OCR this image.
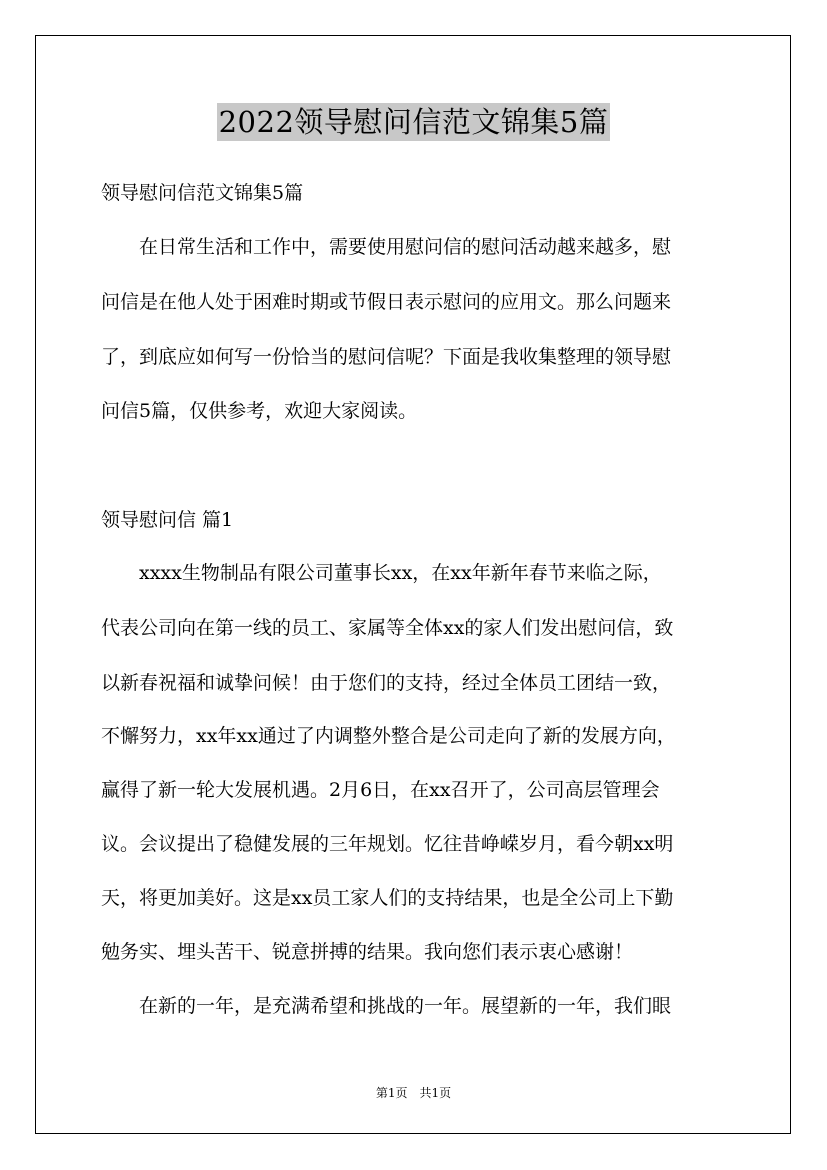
2022领导慰问信范文锦集5篇
领导慰问信范文锦集5篇
　　在日常生活和工作中，需要使用慰问信的慰问活动越来越多，慰
问信是在他人处于困难时期或节假日表示慰问的应用文。那么问题来
了，到底应如何写一份恰当的慰问信呢？下面是我收集整理的领导慰
问信5篇，仅供参考，欢迎大家阅读。
领导慰问信 篇1
　　xxxx生物制品有限公司董事长xx，在xx年新年春节来临之际，
代表公司向在第一线的员工、家属等全体xx的家人们发出慰问信，致
以新春祝福和诚挚问候！由于您们的支持，经过全体员工团结一致，
不懈努力，xx年xx通过了内调整外整合是公司走向了新的发展方向，
赢得了新一轮大发展机遇。2月6日，在xx召开了，公司高层管理会
议。会议提出了稳健发展的三年规划。忆往昔峥嵘岁月，看今朝xx明
天，将更加美好。这是xx员工家人们的支持结果，也是全公司上下勤
勉务实、埋头苦干、锐意拼搏的结果。我向您们表示衷心感谢！
　　在新的一年，是充满希望和挑战的一年。展望新的一年，我们眼
第1页　共1页
